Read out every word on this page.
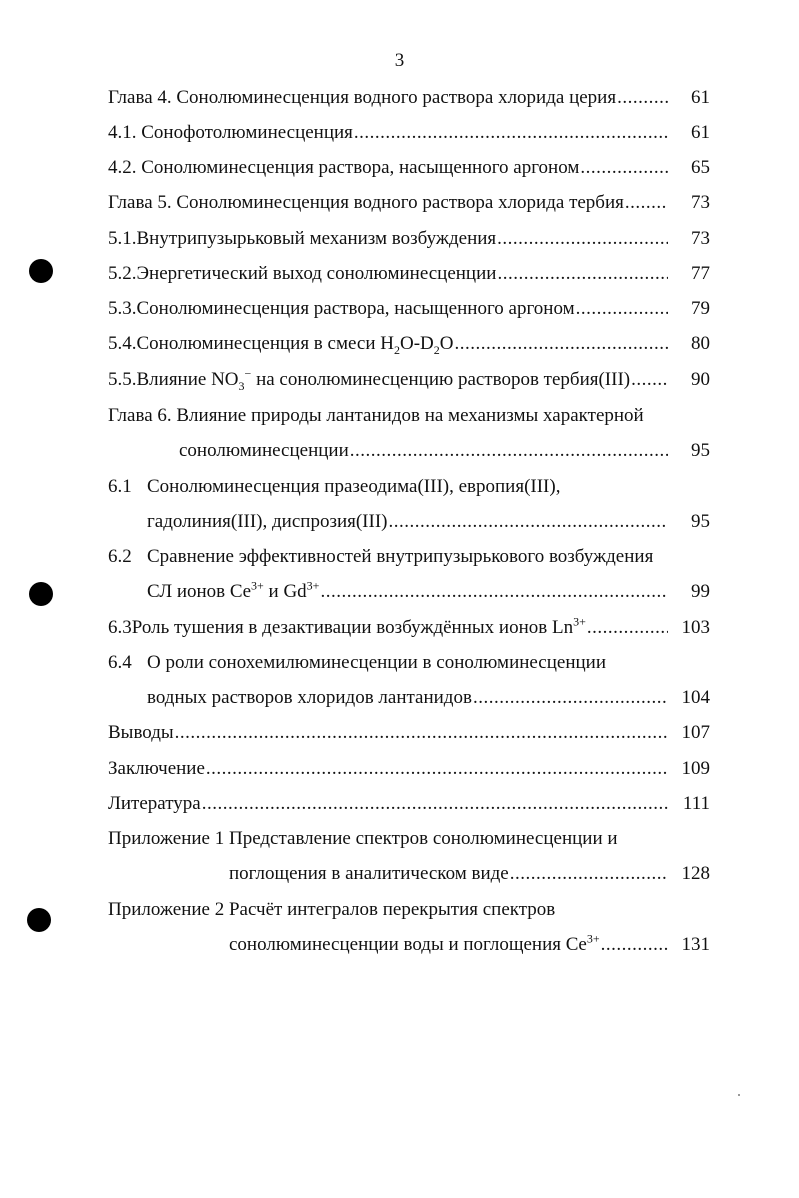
3
Глава 4. Сонолюминесценция водного раствора хлорида церия .....	61
4.1. Сонофотолюминесценция .....	61
4.2. Сонолюминесценция раствора, насыщенного аргоном .....	65
Глава 5. Сонолюминесценция водного раствора хлорида тербия .....	73
5.1. Внутрипузырьковый механизм возбуждения .....	73
5.2. Энергетический выход сонолюминесценции .....	77
5.3. Сонолюминесценция раствора, насыщенного аргоном .....	79
5.4. Сонолюминесценция в смеси $H_2O-D_2O$ .....	80
5.5. Влияние $NO_3^-$ на сонолюминесценцию растворов тербия(III) .....	90
Глава 6. Влияние природы лантанидов на механизмы характерной
сонолюминесценции .....	95
6.1 Сонолюминесценция празеодима(III), европия(III),
гадолиния(III), диспрозия(III) .....	95
6.2 Сравнение эффективностей внутрипузырькового возбуждения
СЛ ионов $Ce^{3+}$ и $Gd^{3+}$ .....	99
6.3 Роль тушения в дезактивации возбуждённых ионов $Ln^{3+}$ .....	103
6.4 О роли сонохемилюминесценции в сонолюминесценции
водных растворов хлоридов лантанидов .....	104
Выводы .....	107
Заключение .....	109
Литература .....	111
Приложение 1 Представление спектров сонолюминесценции и
поглощения в аналитическом виде .....	128
Приложение 2 Расчёт интегралов перекрытия спектров
сонолюминесценции воды и поглощения $Ce^{3+}$ .....	131
